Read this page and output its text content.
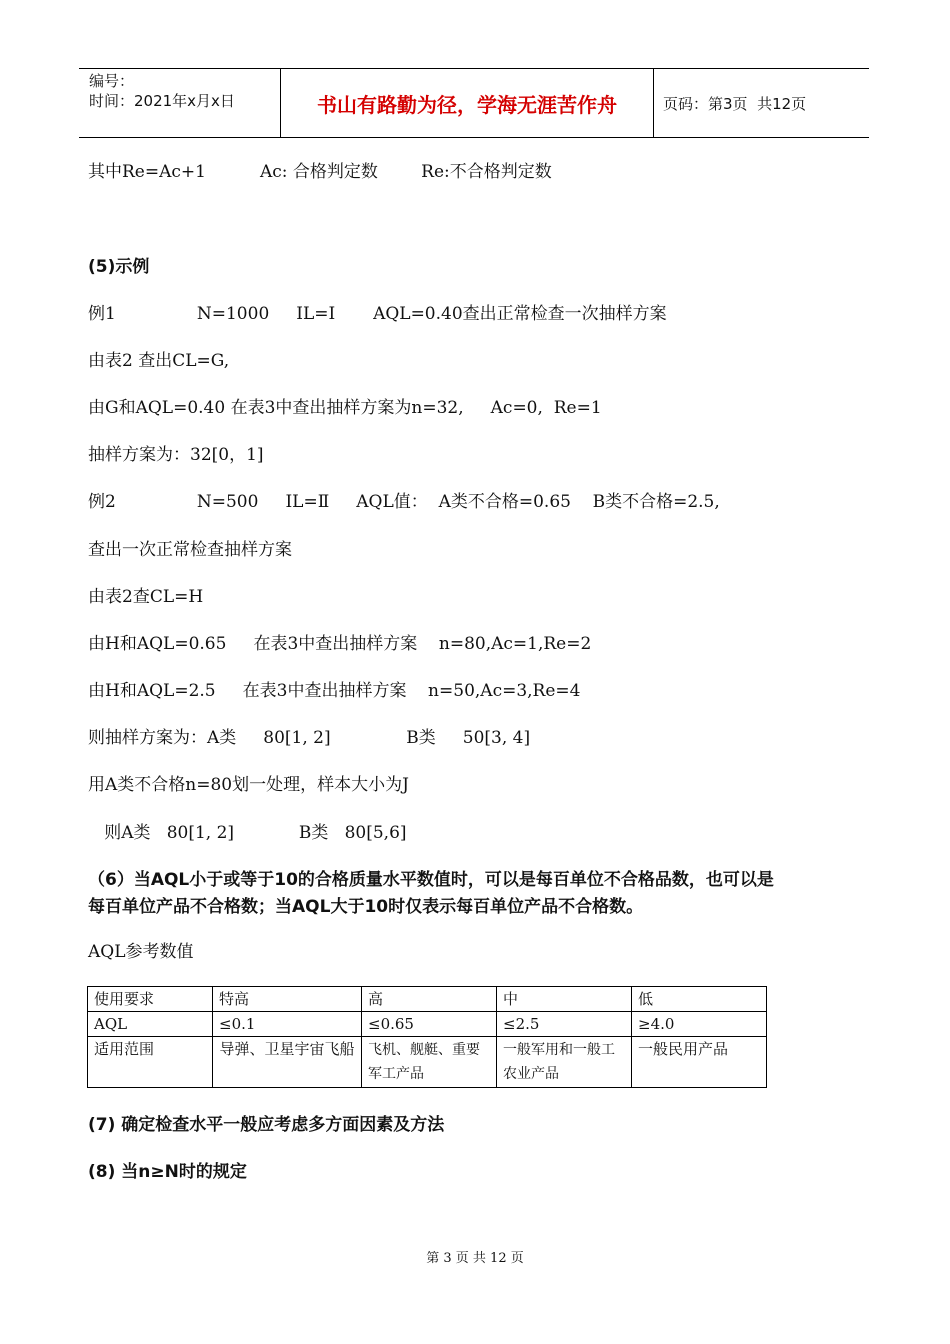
编号：
时间：2021年x月x日	书山有路勤为径，学海无涯苦作舟	页码：第3页  共12页
其中Re=Ac+1          Ac: 合格判定数        Re:不合格判定数
(5)示例
例1               N=1000     IL=I       AQL=0.40查出正常检查一次抽样方案
由表2 查出CL=G,
由G和AQL=0.40 在表3中查出抽样方案为n=32,     Ac=0,  Re=1
抽样方案为：32[0，1]
例2               N=500     IL=Ⅱ     AQL值：  A类不合格=0.65    B类不合格=2.5,
查出一次正常检查抽样方案
由表2查CL=H
由H和AQL=0.65     在表3中查出抽样方案    n=80,Ac=1,Re=2
由H和AQL=2.5     在表3中查出抽样方案    n=50,Ac=3,Re=4
则抽样方案为：A类     80[1, 2]              B类     50[3, 4]
用A类不合格n=80划一处理，样本大小为J
则A类   80[1, 2]            B类   80[5,6]
（6）当AQL小于或等于10的合格质量水平数值时，可以是每百单位不合格品数，也可以是
每百单位产品不合格数；当AQL大于10时仅表示每百单位产品不合格数。
AQL参考数值
使用要求	特高	高	中	低
AQL	≤0.1	≤0.65	≤2.5	≥4.0
适用范围	导弹、卫星宇宙飞船	飞机、舰艇、重要军工产品	一般军用和一般工农业产品	一般民用产品
(7) 确定检查水平一般应考虑多方面因素及方法
(8) 当n≥N时的规定
第 3 页 共 12 页
